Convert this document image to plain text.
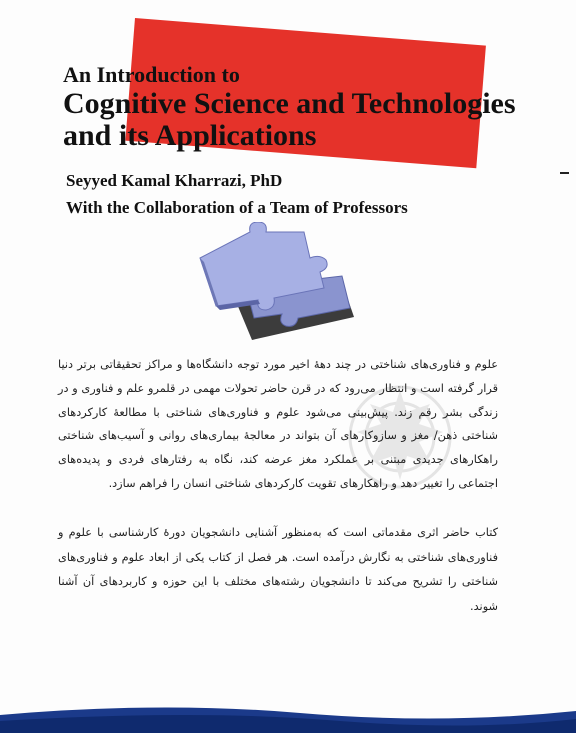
An Introduction to
Cognitive Science and Technologies
and its Applications
Seyyed Kamal Kharrazi, PhD
With the Collaboration of a Team of Professors

علوم و فناوری‌های شناختی در چند دهۀ اخیر مورد توجه دانشگاه‌ها و مراکز تحقیقاتی برتر دنیا قرار گرفته است و انتظار می‌رود که در قرن حاضر تحولات مهمی در قلمرو علم و فناوری و در زندگی بشر رقم زند. پیش‌بینی می‌شود علوم و فناوری‌های شناختی با مطالعۀ کارکردهای شناختی ذهن/ مغز و سازوکارهای آن بتواند در معالجۀ بیماری‌های روانی و آسیب‌های شناختی راهکارهای جدیدی مبتنی بر عملکرد مغز عرضه کند، نگاه به رفتارهای فردی و پدیده‌های اجتماعی را تغییر دهد و راهکارهای تقویت کارکردهای شناختی انسان را فراهم سازد.

کتاب حاضر اثری مقدماتی است که به‌منظور آشنایی دانشجویان دورۀ کارشناسی با علوم و فناوری‌های شناختی به نگارش درآمده است. هر فصل از کتاب یکی از ابعاد علوم و فناوری‌های شناختی را تشریح می‌کند تا دانشجویان رشته‌های مختلف با این حوزه و کاربردهای آن آشنا شوند.
